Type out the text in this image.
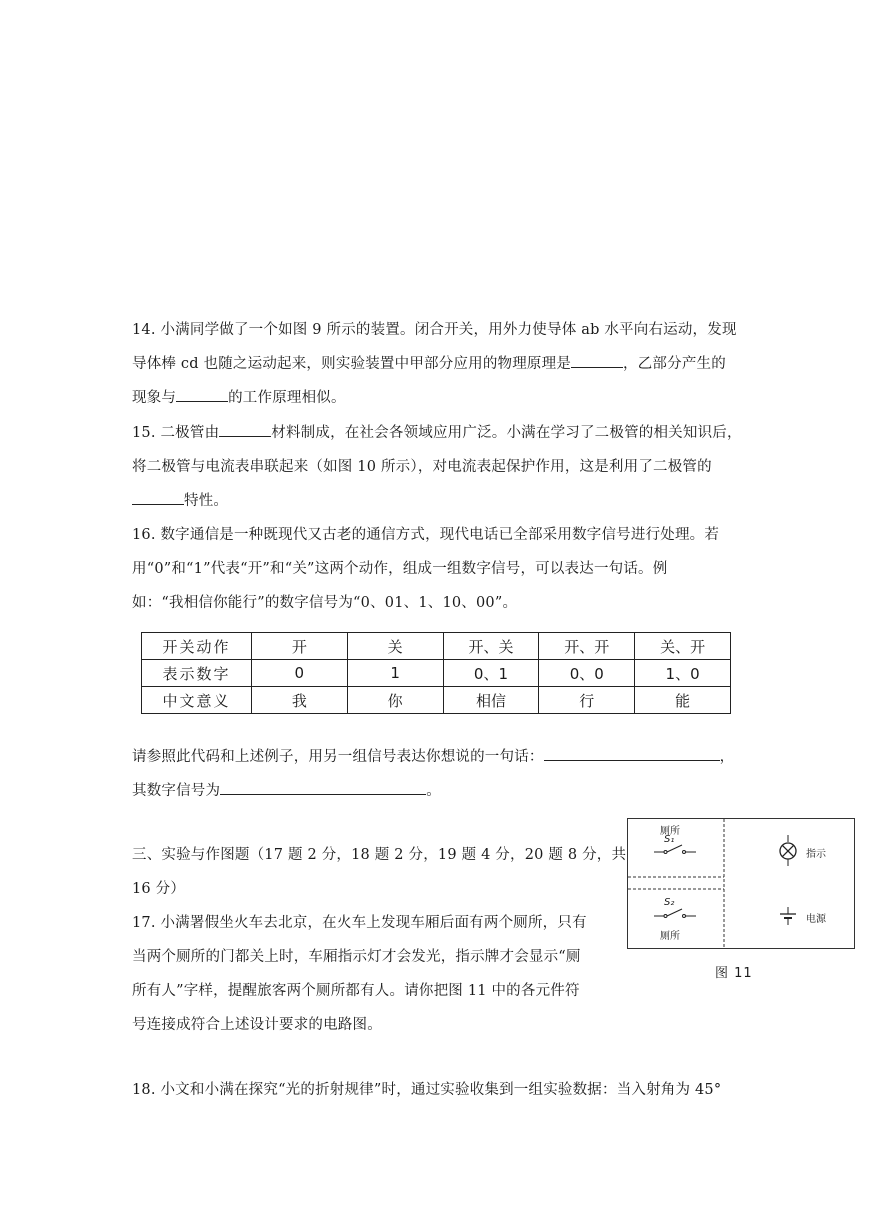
14. 小满同学做了一个如图 9 所示的装置。闭合开关，用外力使导体 ab 水平向右运动，发现
导体棒 cd 也随之运动起来，则实验装置中甲部分应用的物理原理是	，乙部分产生的
现象与	的工作原理相似。
15. 二极管由	材料制成，在社会各领域应用广泛。小满在学习了二极管的相关知识后，
将二极管与电流表串联起来（如图 10 所示），对电流表起保护作用，这是利用了二极管的
特性。
16. 数字通信是一种既现代又古老的通信方式，现代电话已全部采用数字信号进行处理。若
用“0”和“1”代表“开”和“关”这两个动作，组成一组数字信号，可以表达一句话。例
如：“我相信你能行”的数字信号为“0、01、1、10、00”。
开关动作	开	关	开、关	开、开	关、开
表示数字	0	1	0、1	0、0	1、0
中文意义	我	你	相信	行	能
请参照此代码和上述例子，用另一组信号表达你想说的一句话：	，
其数字信号为	。
三、实验与作图题（17 题 2 分，18 题 2 分，19 题 4 分，20 题 8 分，共
16 分）
17. 小满署假坐火车去北京，在火车上发现车厢后面有两个厕所，只有
当两个厕所的门都关上时，车厢指示灯才会发光，指示牌才会显示“厕
所有人”字样，提醒旅客两个厕所都有人。请你把图 11 中的各元件符
号连接成符合上述设计要求的电路图。
厕所
S₁
S₂
厕所
指示
电源
图 11
18. 小文和小满在探究“光的折射规律”时，通过实验收集到一组实验数据：当入射角为 45°
